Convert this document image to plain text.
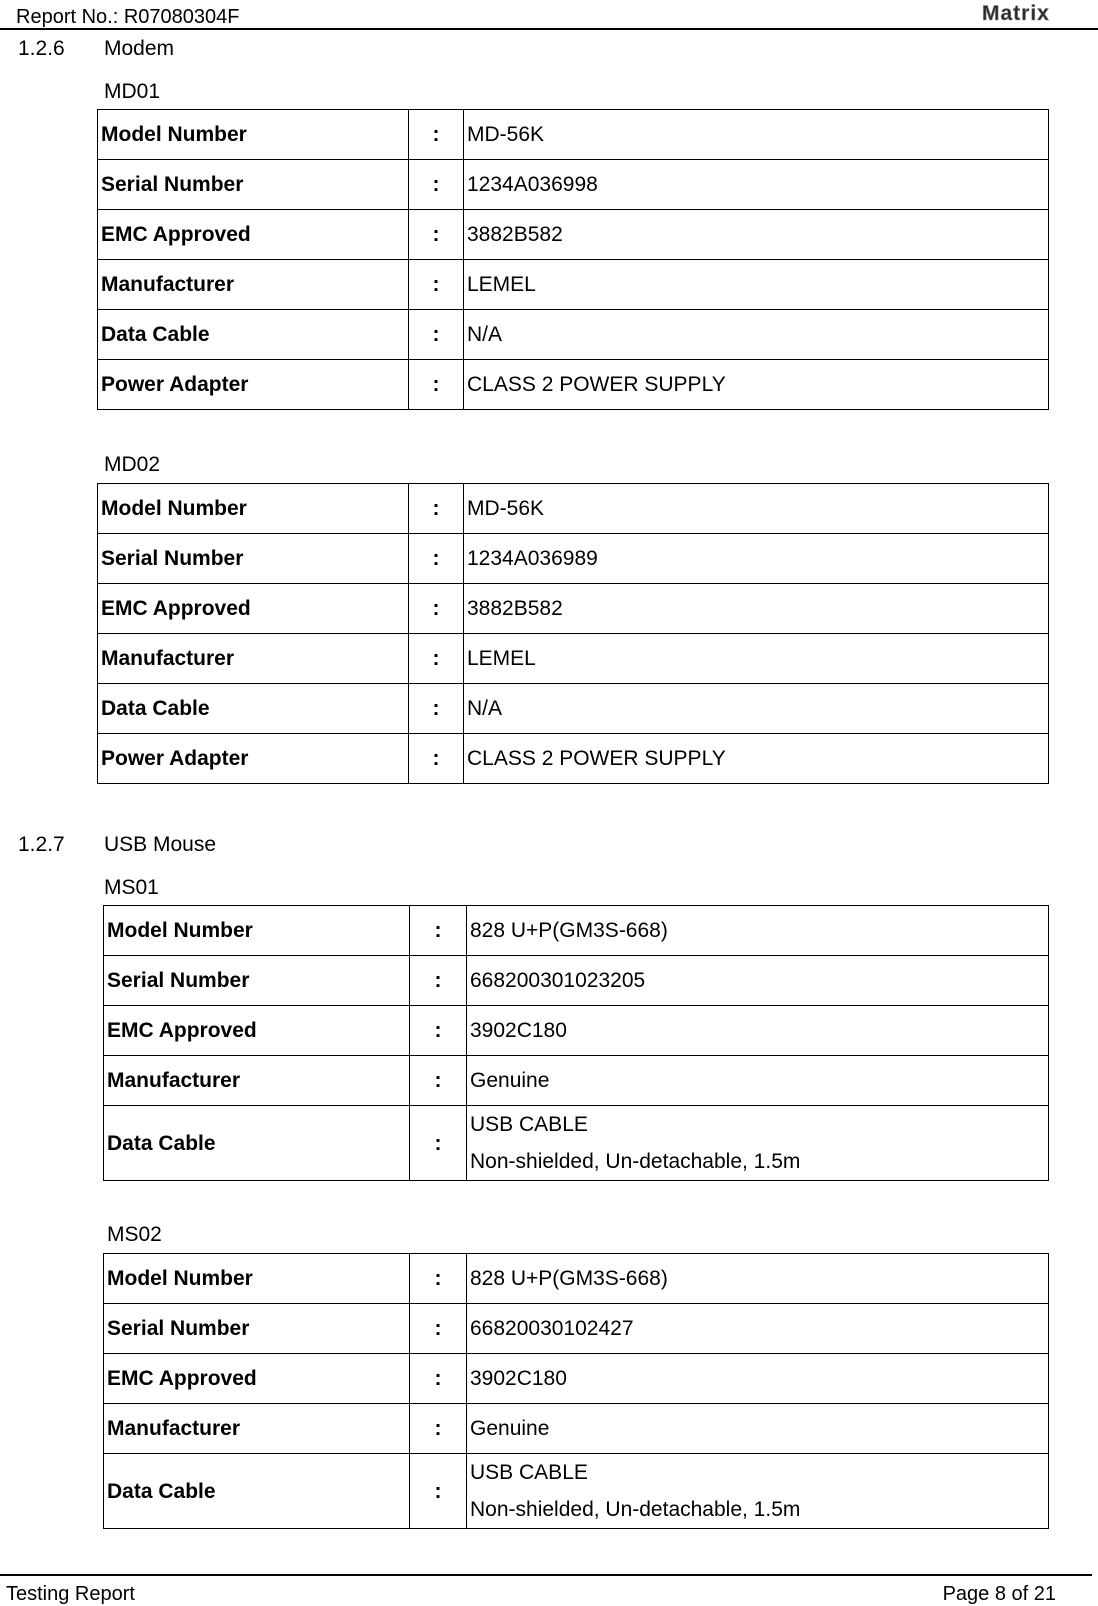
Report No.: R07080304F	Matrix
1.2.6 Modem
MD01
Model Number	:	MD-56K
Serial Number	:	1234A036998
EMC Approved	:	3882B582
Manufacturer	:	LEMEL
Data Cable	:	N/A
Power Adapter	:	CLASS 2 POWER SUPPLY
MD02
Model Number	:	MD-56K
Serial Number	:	1234A036989
EMC Approved	:	3882B582
Manufacturer	:	LEMEL
Data Cable	:	N/A
Power Adapter	:	CLASS 2 POWER SUPPLY
1.2.7 USB Mouse
MS01
Model Number	:	828 U+P(GM3S-668)
Serial Number	:	668200301023205
EMC Approved	:	3902C180
Manufacturer	:	Genuine
Data Cable	:	USB CABLE
Non-shielded, Un-detachable, 1.5m
MS02
Model Number	:	828 U+P(GM3S-668)
Serial Number	:	66820030102427
EMC Approved	:	3902C180
Manufacturer	:	Genuine
Data Cable	:	USB CABLE
Non-shielded, Un-detachable, 1.5m
Testing Report	Page 8 of 21
